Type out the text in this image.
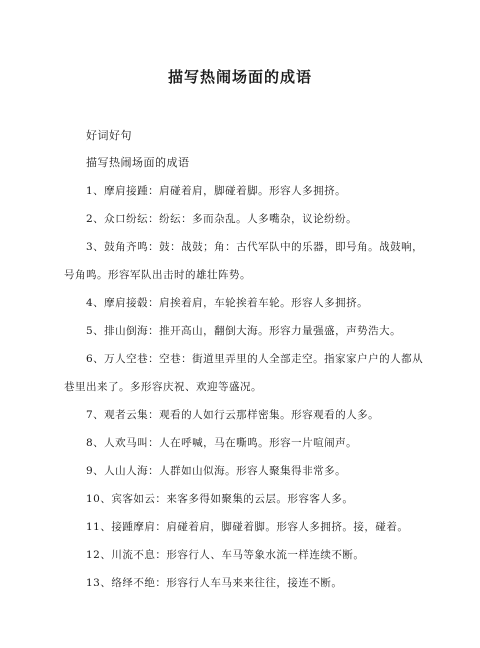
描写热闹场面的成语
好词好句
描写热闹场面的成语

1、摩肩接踵：肩碰着肩，脚碰着脚。形容人多拥挤。

2、众口纷纭：纷纭：多而杂乱。人多嘴杂，议论纷纷。

3、鼓角齐鸣：鼓：战鼓；角：古代军队中的乐器，即号角。战鼓响，号角鸣。形容军队出击时的雄壮阵势。

4、摩肩接毂：肩挨着肩，车轮挨着车轮。形容人多拥挤。

5、排山倒海：推开高山，翻倒大海。形容力量强盛，声势浩大。

6、万人空巷：空巷：街道里弄里的人全部走空。指家家户户的人都从巷里出来了。多形容庆祝、欢迎等盛况。

7、观者云集：观看的人如行云那样密集。形容观看的人多。

8、人欢马叫：人在呼喊，马在嘶鸣。形容一片喧闹声。

9、人山人海：人群如山似海。形容人聚集得非常多。

10、宾客如云：来客多得如聚集的云层。形容客人多。

11、接踵摩肩：肩碰着肩，脚碰着脚。形容人多拥挤。接，碰着。

12、川流不息：形容行人、车马等象水流一样连续不断。

13、络绎不绝：形容行人车马来来往往，接连不断。
